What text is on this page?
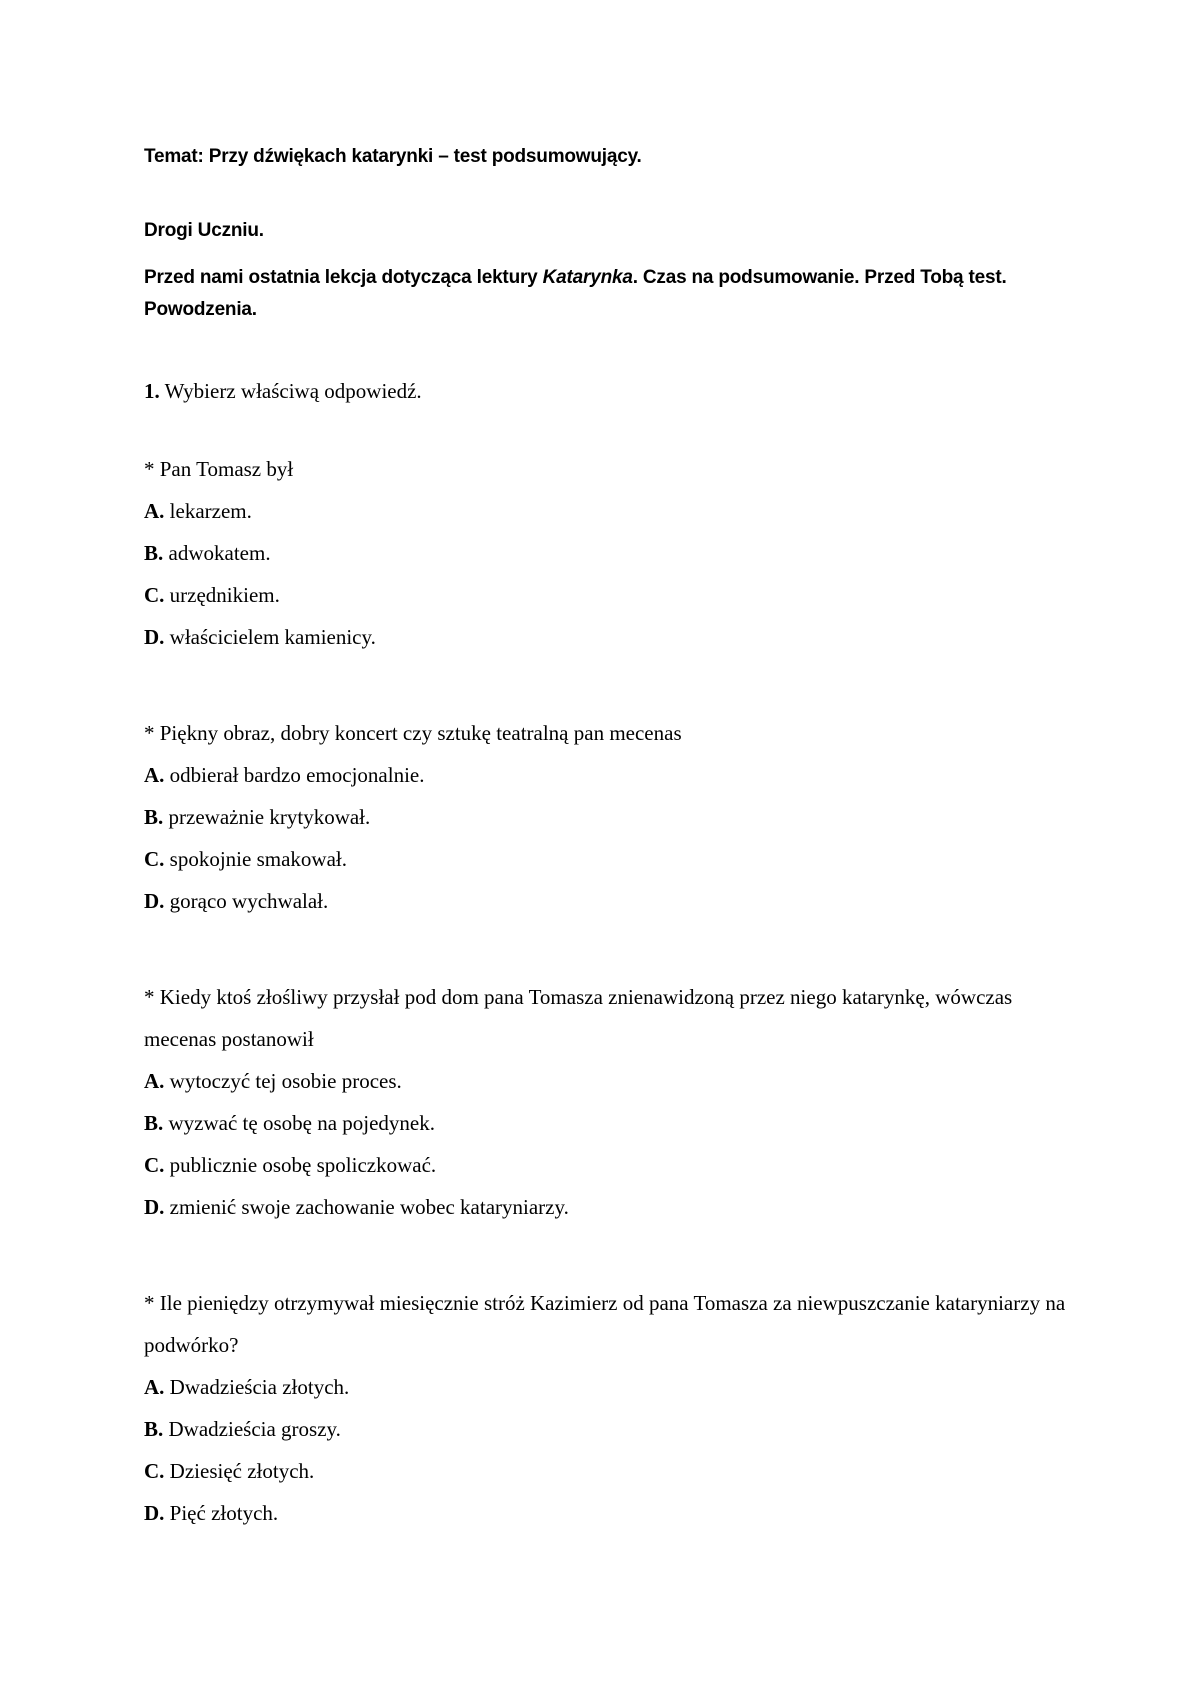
Temat: Przy dźwiękach katarynki – test podsumowujący.

Drogi Uczniu.

Przed nami ostatnia lekcja dotycząca lektury Katarynka. Czas na podsumowanie. Przed Tobą test. Powodzenia.

1. Wybierz właściwą odpowiedź.

* Pan Tomasz był

A. lekarzem.

B. adwokatem.

C. urzędnikiem.

D. właścicielem kamienicy.

* Piękny obraz, dobry koncert czy sztukę teatralną pan mecenas

A. odbierał bardzo emocjonalnie.

B. przeważnie krytykował.

C. spokojnie smakował.

D. gorąco wychwalał.

* Kiedy ktoś złośliwy przysłał pod dom pana Tomasza znienawidzoną przez niego katarynkę, wówczas mecenas postanowił

A. wytoczyć tej osobie proces.

B. wyzwać tę osobę na pojedynek.

C. publicznie osobę spoliczkować.

D. zmienić swoje zachowanie wobec kataryniarzy.

* Ile pieniędzy otrzymywał miesięcznie stróż Kazimierz od pana Tomasza za niewpuszczanie kataryniarzy na podwórko?

A. Dwadzieścia złotych.

B. Dwadzieścia groszy.

C. Dziesięć złotych.

D. Pięć złotych.
